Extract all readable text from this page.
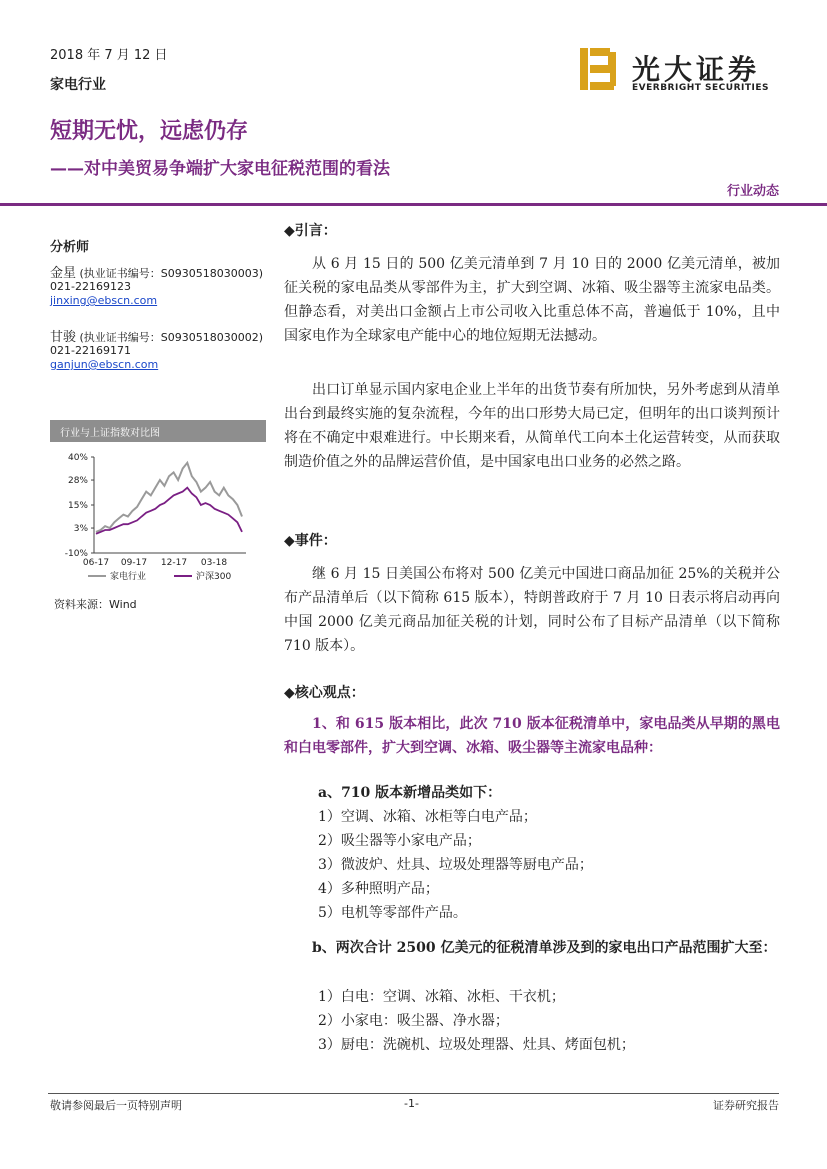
2018 年 7 月 12 日
家电行业	光大证券
EVERBRIGHT SECURITIES
短期无忧，远虑仍存
——对中美贸易争端扩大家电征税范围的看法
行业动态
分析师
金星 (执业证书编号：S0930518030003)
021-22169123
jinxing@ebscn.com
甘骏 (执业证书编号：S0930518030002)
021-22169171
ganjun@ebscn.com
行业与上证指数对比图
40%
28%
15%
3%
-10%
06-17 09-17 12-17 03-18
家电行业	沪深300
资料来源：Wind
◆引言：
从 6 月 15 日的 500 亿美元清单到 7 月 10 日的 2000 亿美元清单，被加征关税的家电品类从零部件为主，扩大到空调、冰箱、吸尘器等主流家电品类。但静态看，对美出口金额占上市公司收入比重总体不高，普遍低于 10%，且中国家电作为全球家电产能中心的地位短期无法撼动。
出口订单显示国内家电企业上半年的出货节奏有所加快，另外考虑到从清单出台到最终实施的复杂流程，今年的出口形势大局已定，但明年的出口谈判预计将在不确定中艰难进行。中长期来看，从简单代工向本土化运营转变，从而获取制造价值之外的品牌运营价值，是中国家电出口业务的必然之路。
◆事件：
继 6 月 15 日美国公布将对 500 亿美元中国进口商品加征 25%的关税并公布产品清单后（以下简称 615 版本），特朗普政府于 7 月 10 日表示将启动再向中国 2000 亿美元商品加征关税的计划，同时公布了目标产品清单（以下简称 710 版本）。
◆核心观点：
1、和 615 版本相比，此次 710 版本征税清单中，家电品类从早期的黑电和白电零部件，扩大到空调、冰箱、吸尘器等主流家电品种：
a、710 版本新增品类如下：
1）空调、冰箱、冰柜等白电产品；
2）吸尘器等小家电产品；
3）微波炉、灶具、垃圾处理器等厨电产品；
4）多种照明产品；
5）电机等零部件产品。
b、两次合计 2500 亿美元的征税清单涉及到的家电出口产品范围扩大至：
1）白电：空调、冰箱、冰柜、干衣机；
2）小家电：吸尘器、净水器；
3）厨电：洗碗机、垃圾处理器、灶具、烤面包机；
敬请参阅最后一页特别声明	-1-	证券研究报告
